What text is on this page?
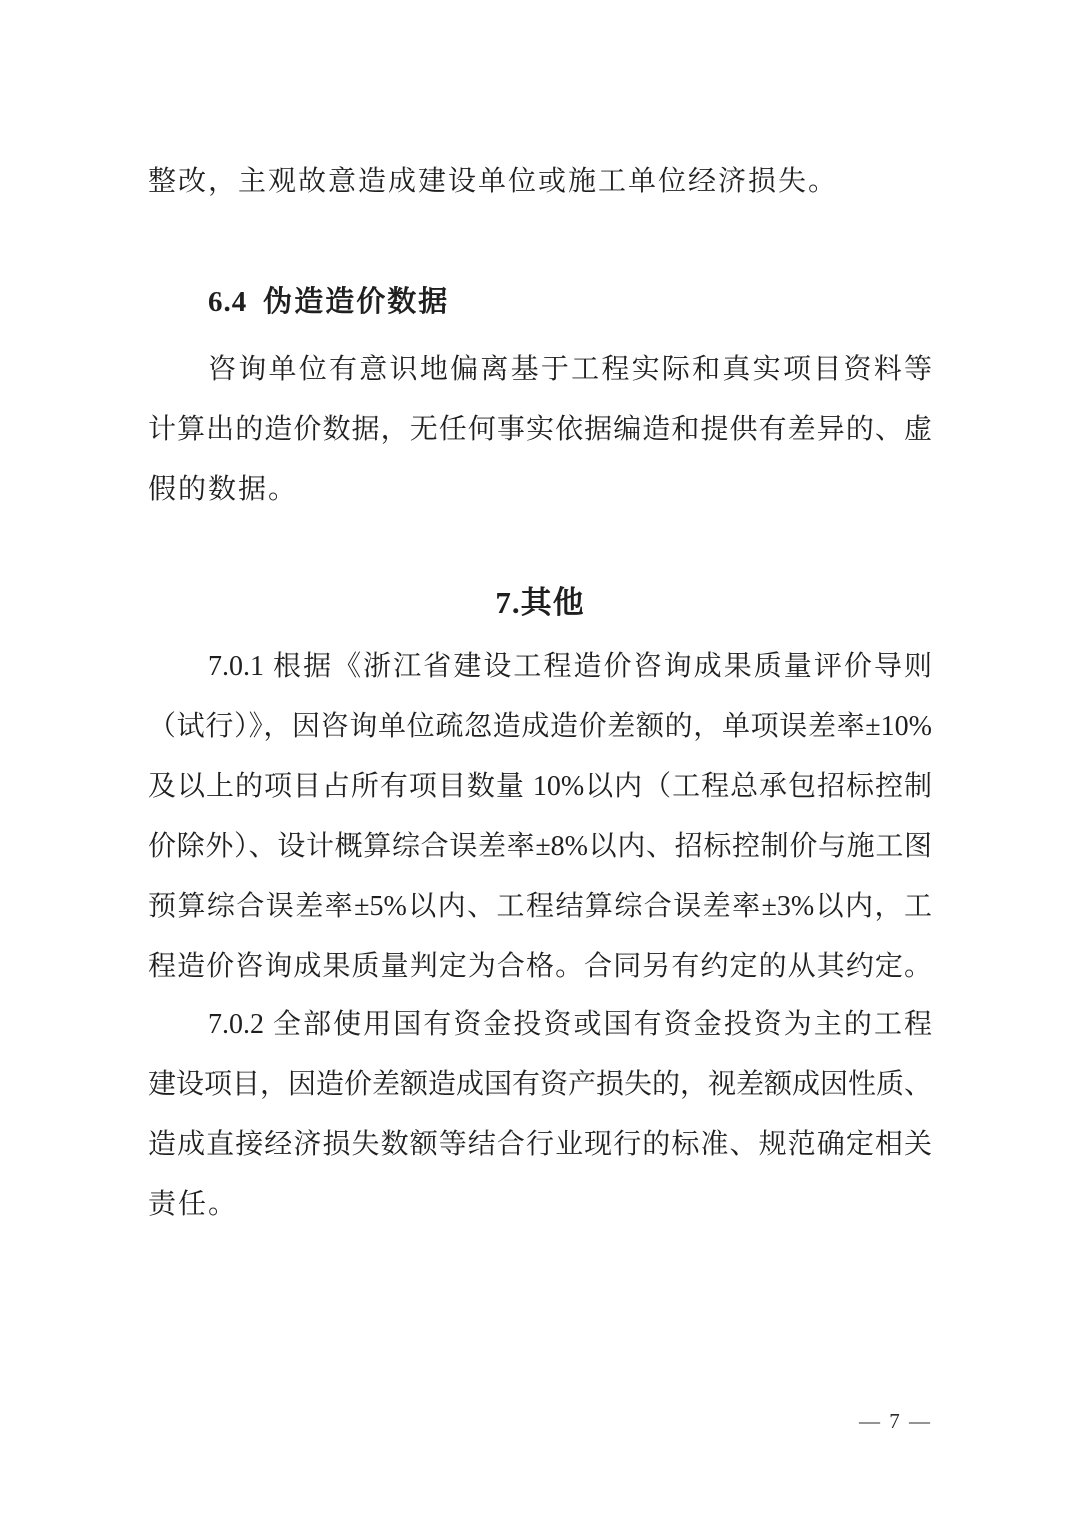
整改，主观故意造成建设单位或施工单位经济损失。
6.4 伪造造价数据
咨询单位有意识地偏离基于工程实际和真实项目资料等
计算出的造价数据，无任何事实依据编造和提供有差异的、虚
假的数据。
7.其他
7.0.1 根据《浙江省建设工程造价咨询成果质量评价导则
（试行）》，因咨询单位疏忽造成造价差额的，单项误差率±10%
及以上的项目占所有项目数量 10%以内（工程总承包招标控制
价除外）、设计概算综合误差率±8%以内、招标控制价与施工图
预算综合误差率±5%以内、工程结算综合误差率±3%以内，工
程造价咨询成果质量判定为合格。合同另有约定的从其约定。
7.0.2 全部使用国有资金投资或国有资金投资为主的工程
建设项目，因造价差额造成国有资产损失的，视差额成因性质、
造成直接经济损失数额等结合行业现行的标准、规范确定相关
责任。
— 7 —
